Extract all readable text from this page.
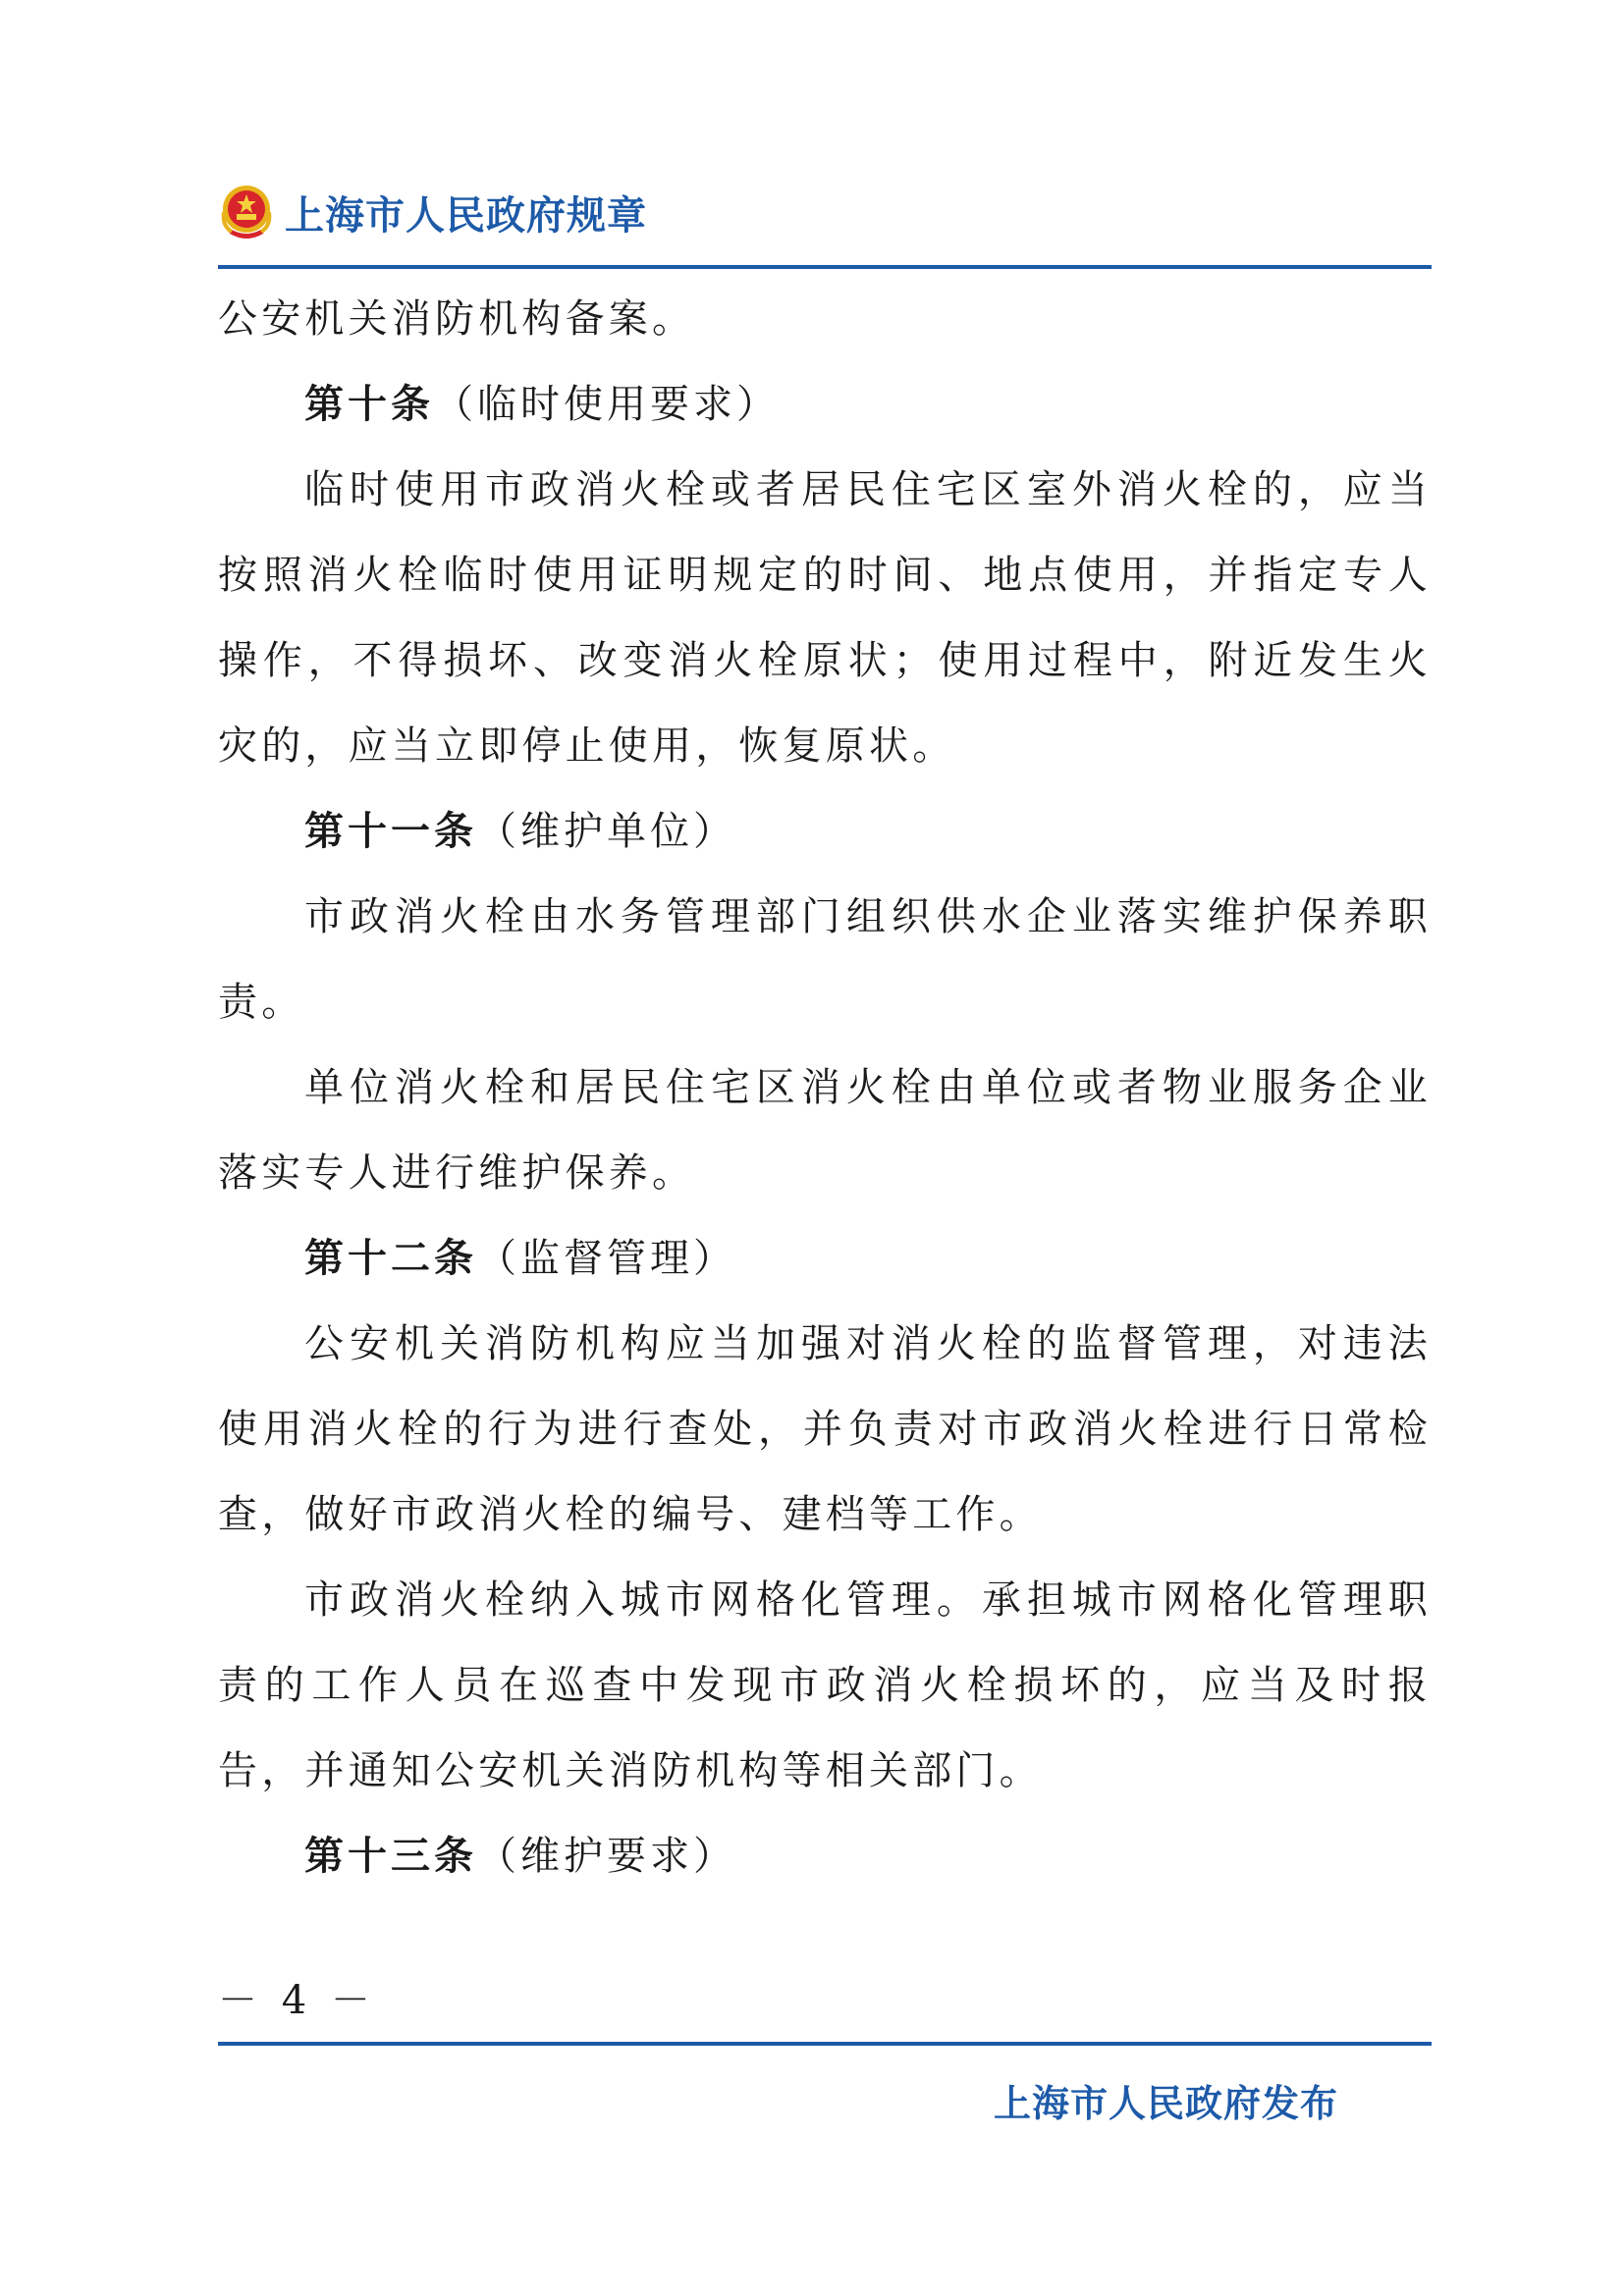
上海市人民政府规章

公安机关消防机构备案。

第十条（临时使用要求）

临时使用市政消火栓或者居民住宅区室外消火栓的，应当按照消火栓临时使用证明规定的时间、地点使用，并指定专人操作，不得损坏、改变消火栓原状；使用过程中，附近发生火灾的，应当立即停止使用，恢复原状。

第十一条（维护单位）

市政消火栓由水务管理部门组织供水企业落实维护保养职责。

单位消火栓和居民住宅区消火栓由单位或者物业服务企业落实专人进行维护保养。

第十二条（监督管理）

公安机关消防机构应当加强对消火栓的监督管理，对违法使用消火栓的行为进行查处，并负责对市政消火栓进行日常检查，做好市政消火栓的编号、建档等工作。

市政消火栓纳入城市网格化管理。承担城市网格化管理职责的工作人员在巡查中发现市政消火栓损坏的，应当及时报告，并通知公安机关消防机构等相关部门。

第十三条（维护要求）

－ 4 －
上海市人民政府发布
